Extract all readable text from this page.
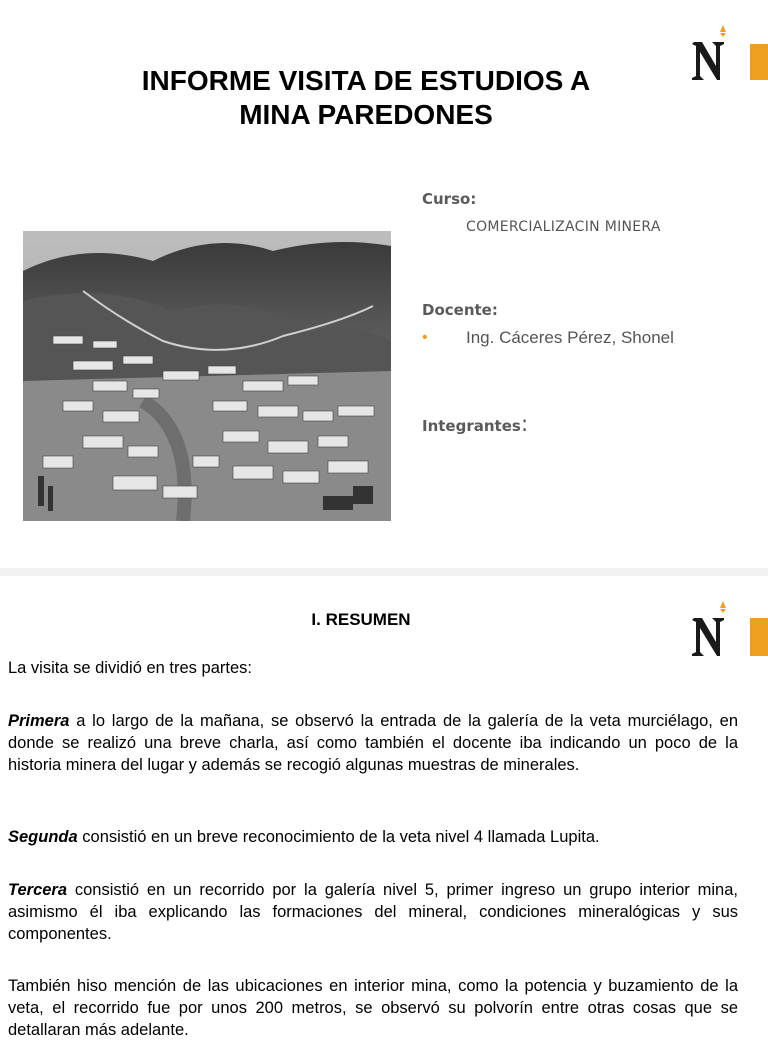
INFORME VISITA DE ESTUDIOS A
MINA PAREDONES
Curso:
COMERCIALIZACIN MINERA
Docente:
•	Ing. Cáceres Pérez, Shonel
Integrantes:
I. RESUMEN
La visita se dividió en tres partes:
Primera a lo largo de la mañana, se observó la entrada de la galería de la veta murciélago, en donde se realizó una breve charla, así como también el docente iba indicando un poco de la historia minera del lugar y además se recogió algunas muestras de minerales.
Segunda consistió en un breve reconocimiento de la veta nivel 4 llamada Lupita.
Tercera consistió en un recorrido por la galería nivel 5, primer ingreso un grupo interior mina, asimismo él iba explicando las formaciones del mineral, condiciones mineralógicas y sus componentes.
También hiso mención de las ubicaciones en interior mina, como la potencia y buzamiento de la veta, el recorrido fue por unos 200 metros, se observó su polvorín entre otras cosas que se detallaran más adelante.
